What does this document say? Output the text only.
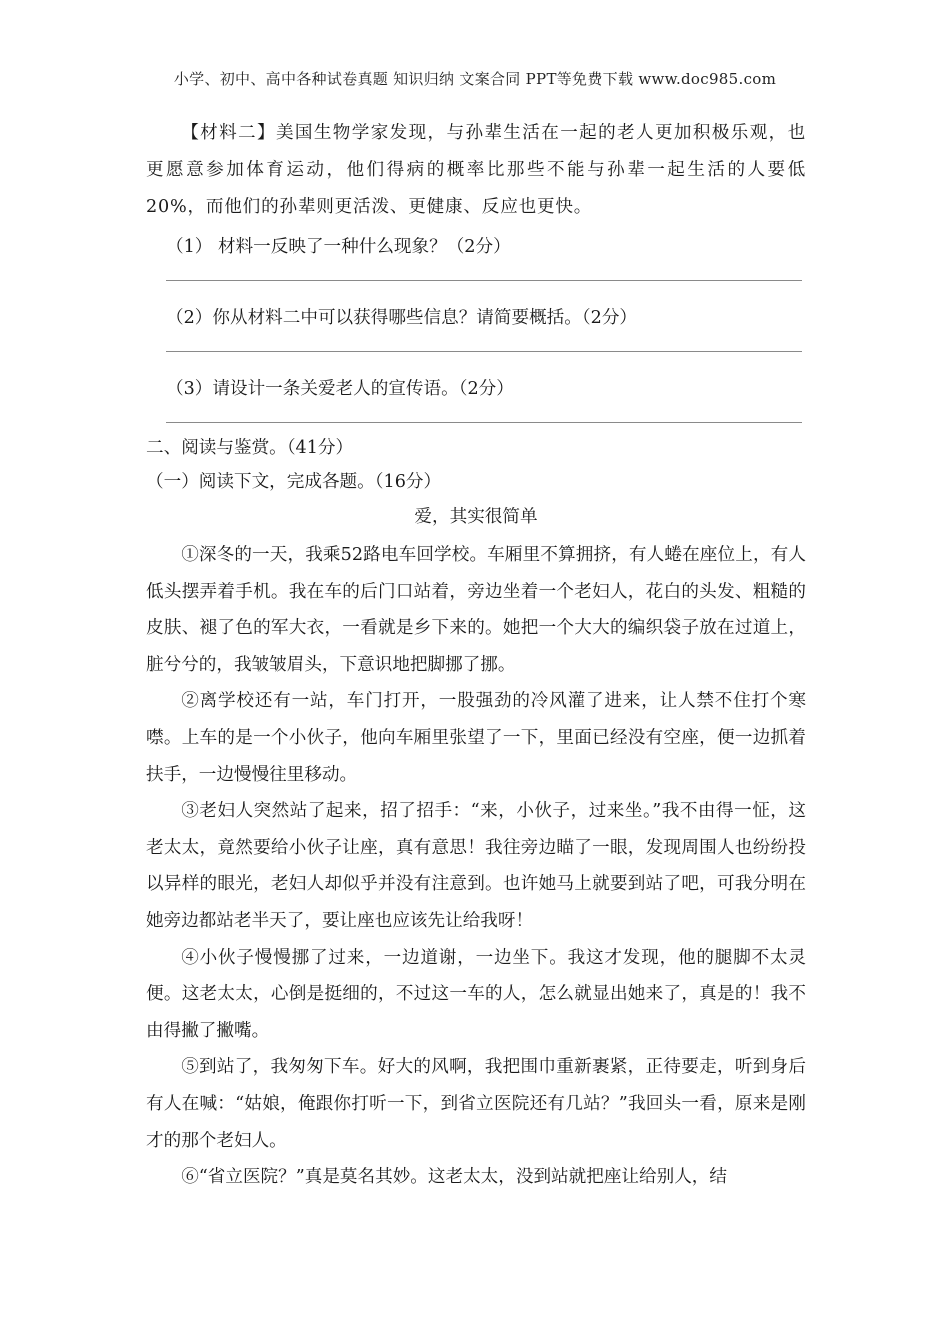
小学、初中、高中各种试卷真题 知识归纳 文案合同 PPT等免费下载 www.doc985.com

【材料二】美国生物学家发现，与孙辈生活在一起的老人更加积极乐观，也更愿意参加体育运动，他们得病的概率比那些不能与孙辈一起生活的人要低20%，而他们的孙辈则更活泼、更健康、反应也更快。

（1） 材料一反映了一种什么现象？（2分）
（2）你从材料二中可以获得哪些信息？请简要概括。（2分）
（3）请设计一条关爱老人的宣传语。（2分）
二、阅读与鉴赏。（41分）
（一）阅读下文，完成各题。（16分）
爱，其实很简单

①深冬的一天，我乘52路电车回学校。车厢里不算拥挤，有人蜷在座位上，有人低头摆弄着手机。我在车的后门口站着，旁边坐着一个老妇人，花白的头发、粗糙的皮肤、褪了色的军大衣，一看就是乡下来的。她把一个大大的编织袋子放在过道上，脏兮兮的，我皱皱眉头，下意识地把脚挪了挪。

②离学校还有一站，车门打开，一股强劲的冷风灌了进来，让人禁不住打个寒噤。上车的是一个小伙子，他向车厢里张望了一下，里面已经没有空座，便一边抓着扶手，一边慢慢往里移动。

③老妇人突然站了起来，招了招手：“来，小伙子，过来坐。”我不由得一怔，这老太太，竟然要给小伙子让座，真有意思！我往旁边瞄了一眼，发现周围人也纷纷投以异样的眼光，老妇人却似乎并没有注意到。也许她马上就要到站了吧，可我分明在她旁边都站老半天了，要让座也应该先让给我呀！

④小伙子慢慢挪了过来，一边道谢，一边坐下。我这才发现，他的腿脚不太灵便。这老太太，心倒是挺细的，不过这一车的人，怎么就显出她来了，真是的！我不由得撇了撇嘴。

⑤到站了，我匆匆下车。好大的风啊，我把围巾重新裹紧，正待要走，听到身后有人在喊：“姑娘，俺跟你打听一下，到省立医院还有几站？”我回头一看，原来是刚才的那个老妇人。

⑥“省立医院？”真是莫名其妙。这老太太，没到站就把座让给别人，结
